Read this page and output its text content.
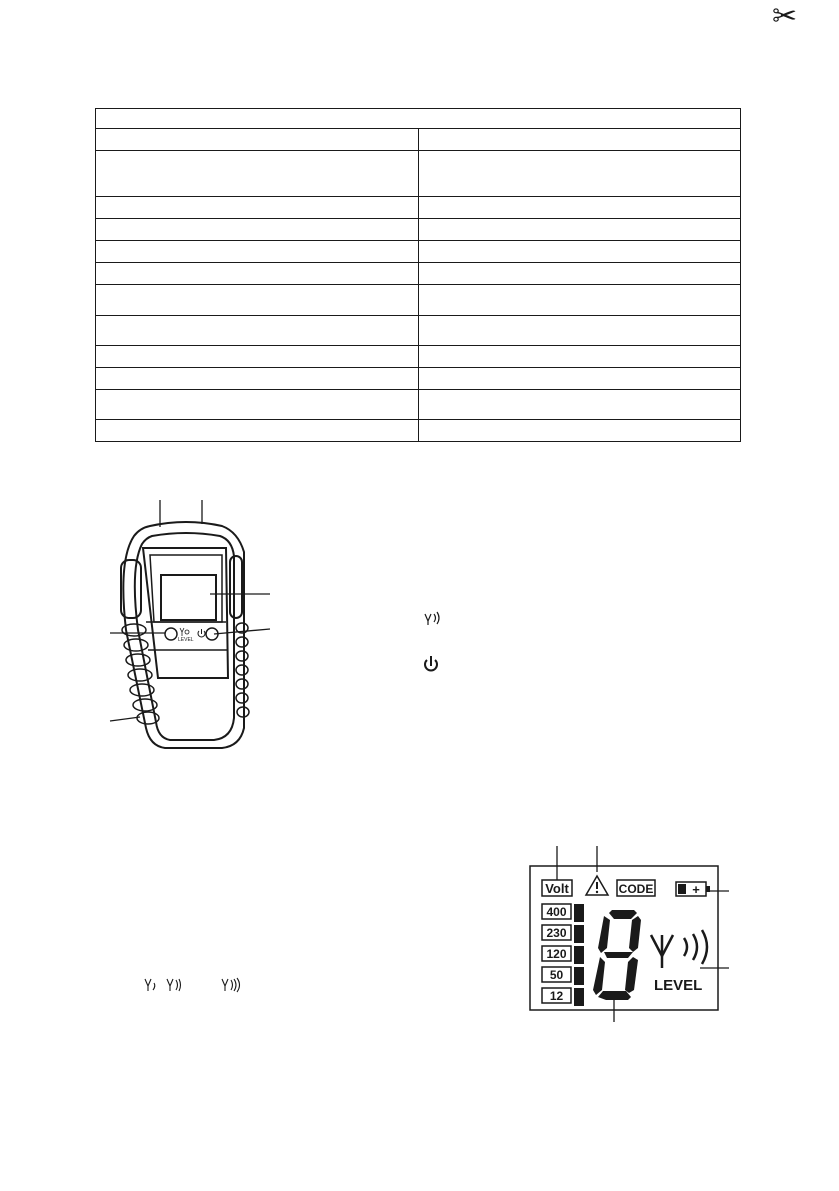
✂

LEVEL
Volt	CODE	+
400
230
120
50
12
LEVEL
